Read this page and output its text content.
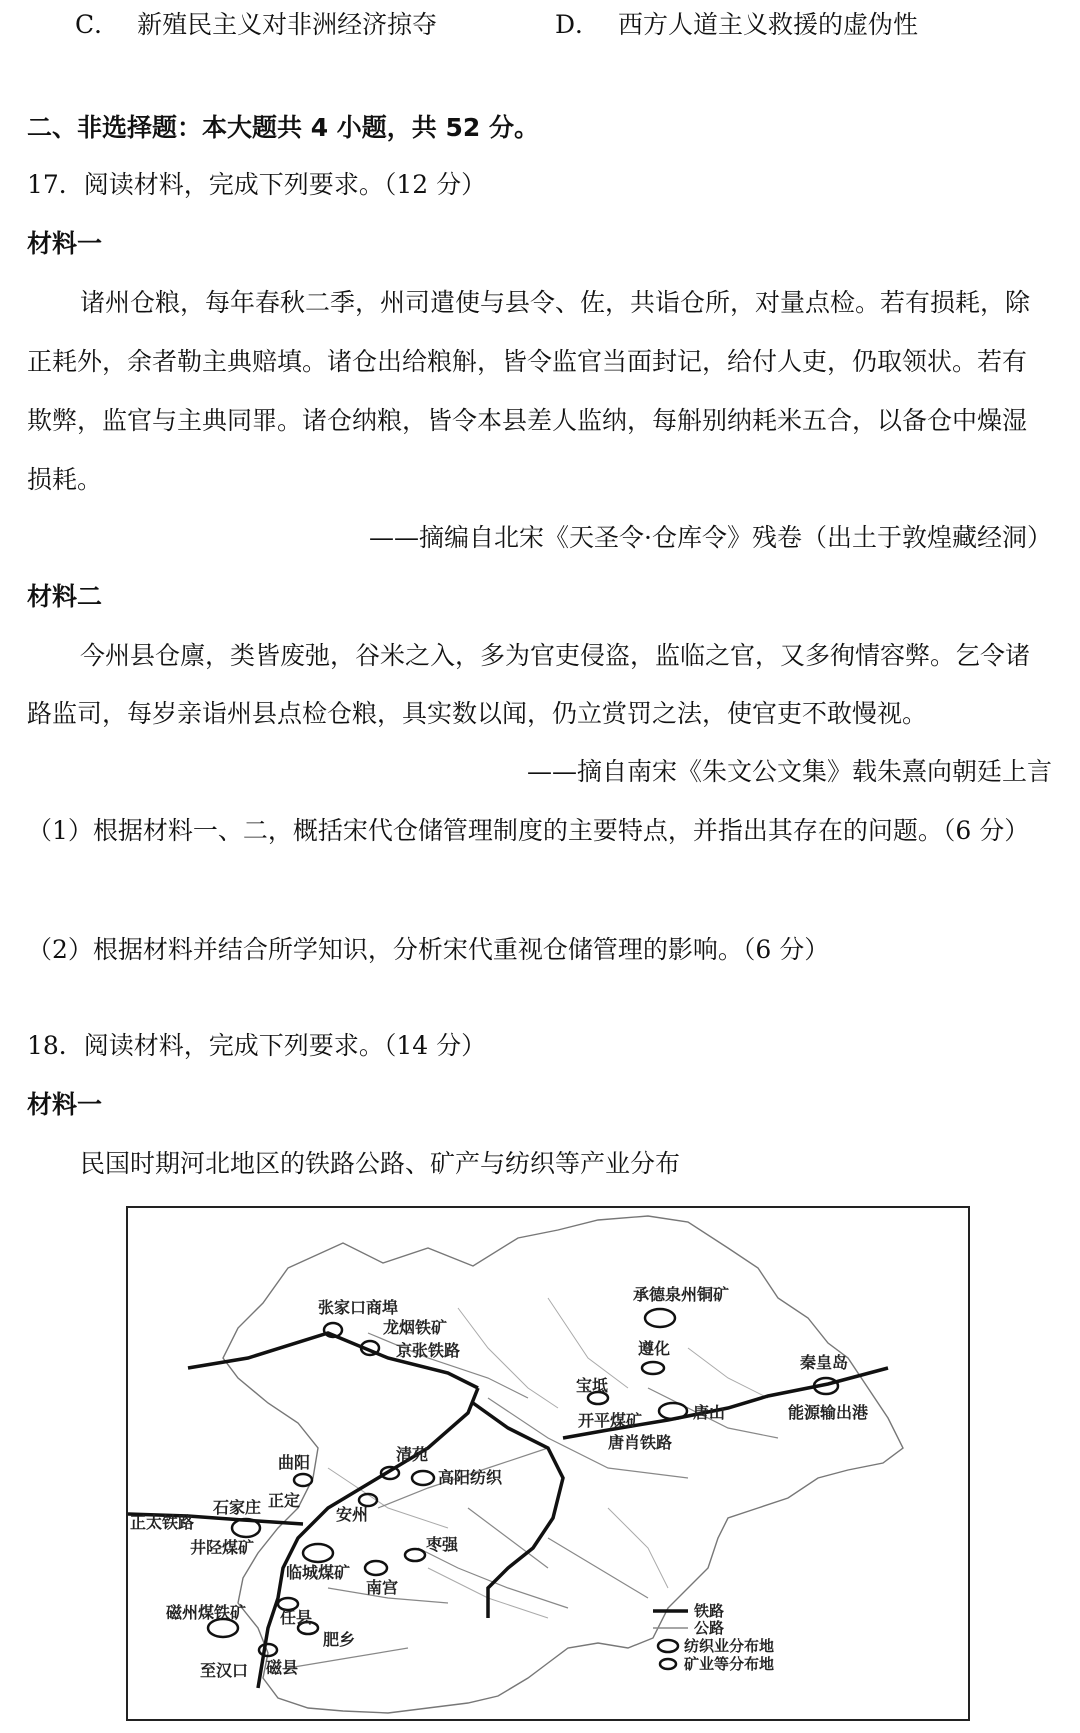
C． 新殖民主义对非洲经济掠夺	D． 西方人道主义救援的虚伪性
二、非选择题：本大题共 4 小题，共 52 分。
17．阅读材料，完成下列要求。（12 分）
材料一
诸州仓粮，每年春秋二季，州司遣使与县令、佐，共诣仓所，对量点检。若有损耗，除
正耗外，余者勒主典赔填。诸仓出给粮斛，皆令监官当面封记，给付人吏，仍取领状。若有
欺弊，监官与主典同罪。诸仓纳粮，皆令本县差人监纳，每斛别纳耗米五合，以备仓中燥湿
损耗。
——摘编自北宋《天圣令·仓库令》残卷（出土于敦煌藏经洞）
材料二
今州县仓廪，类皆废弛，谷米之入，多为官吏侵盗，监临之官，又多徇情容弊。乞令诸
路监司，每岁亲诣州县点检仓粮，具实数以闻，仍立赏罚之法，使官吏不敢慢视。
——摘自南宋《朱文公文集》载朱熹向朝廷上言
（1）根据材料一、二，概括宋代仓储管理制度的主要特点，并指出其存在的问题。（6 分）
（2）根据材料并结合所学知识，分析宋代重视仓储管理的影响。（6 分）
18．阅读材料，完成下列要求。（14 分）
材料一
民国时期河北地区的铁路公路、矿产与纺织等产业分布
张家口商埠
龙烟铁矿
京张铁路
承德泉州铜矿
遵化
秦皇岛
能源输出港
宝坻
开平煤矿	唐山
唐肖铁路
清苑
高阳纺织
曲阳
正定
安州
正太铁路
石家庄
井陉煤矿
临城煤矿
枣强
南宫
磁州煤铁矿 任县
肥乡
至汉口 磁县
铁路
公路
纺织业分布地
矿业等分布地
